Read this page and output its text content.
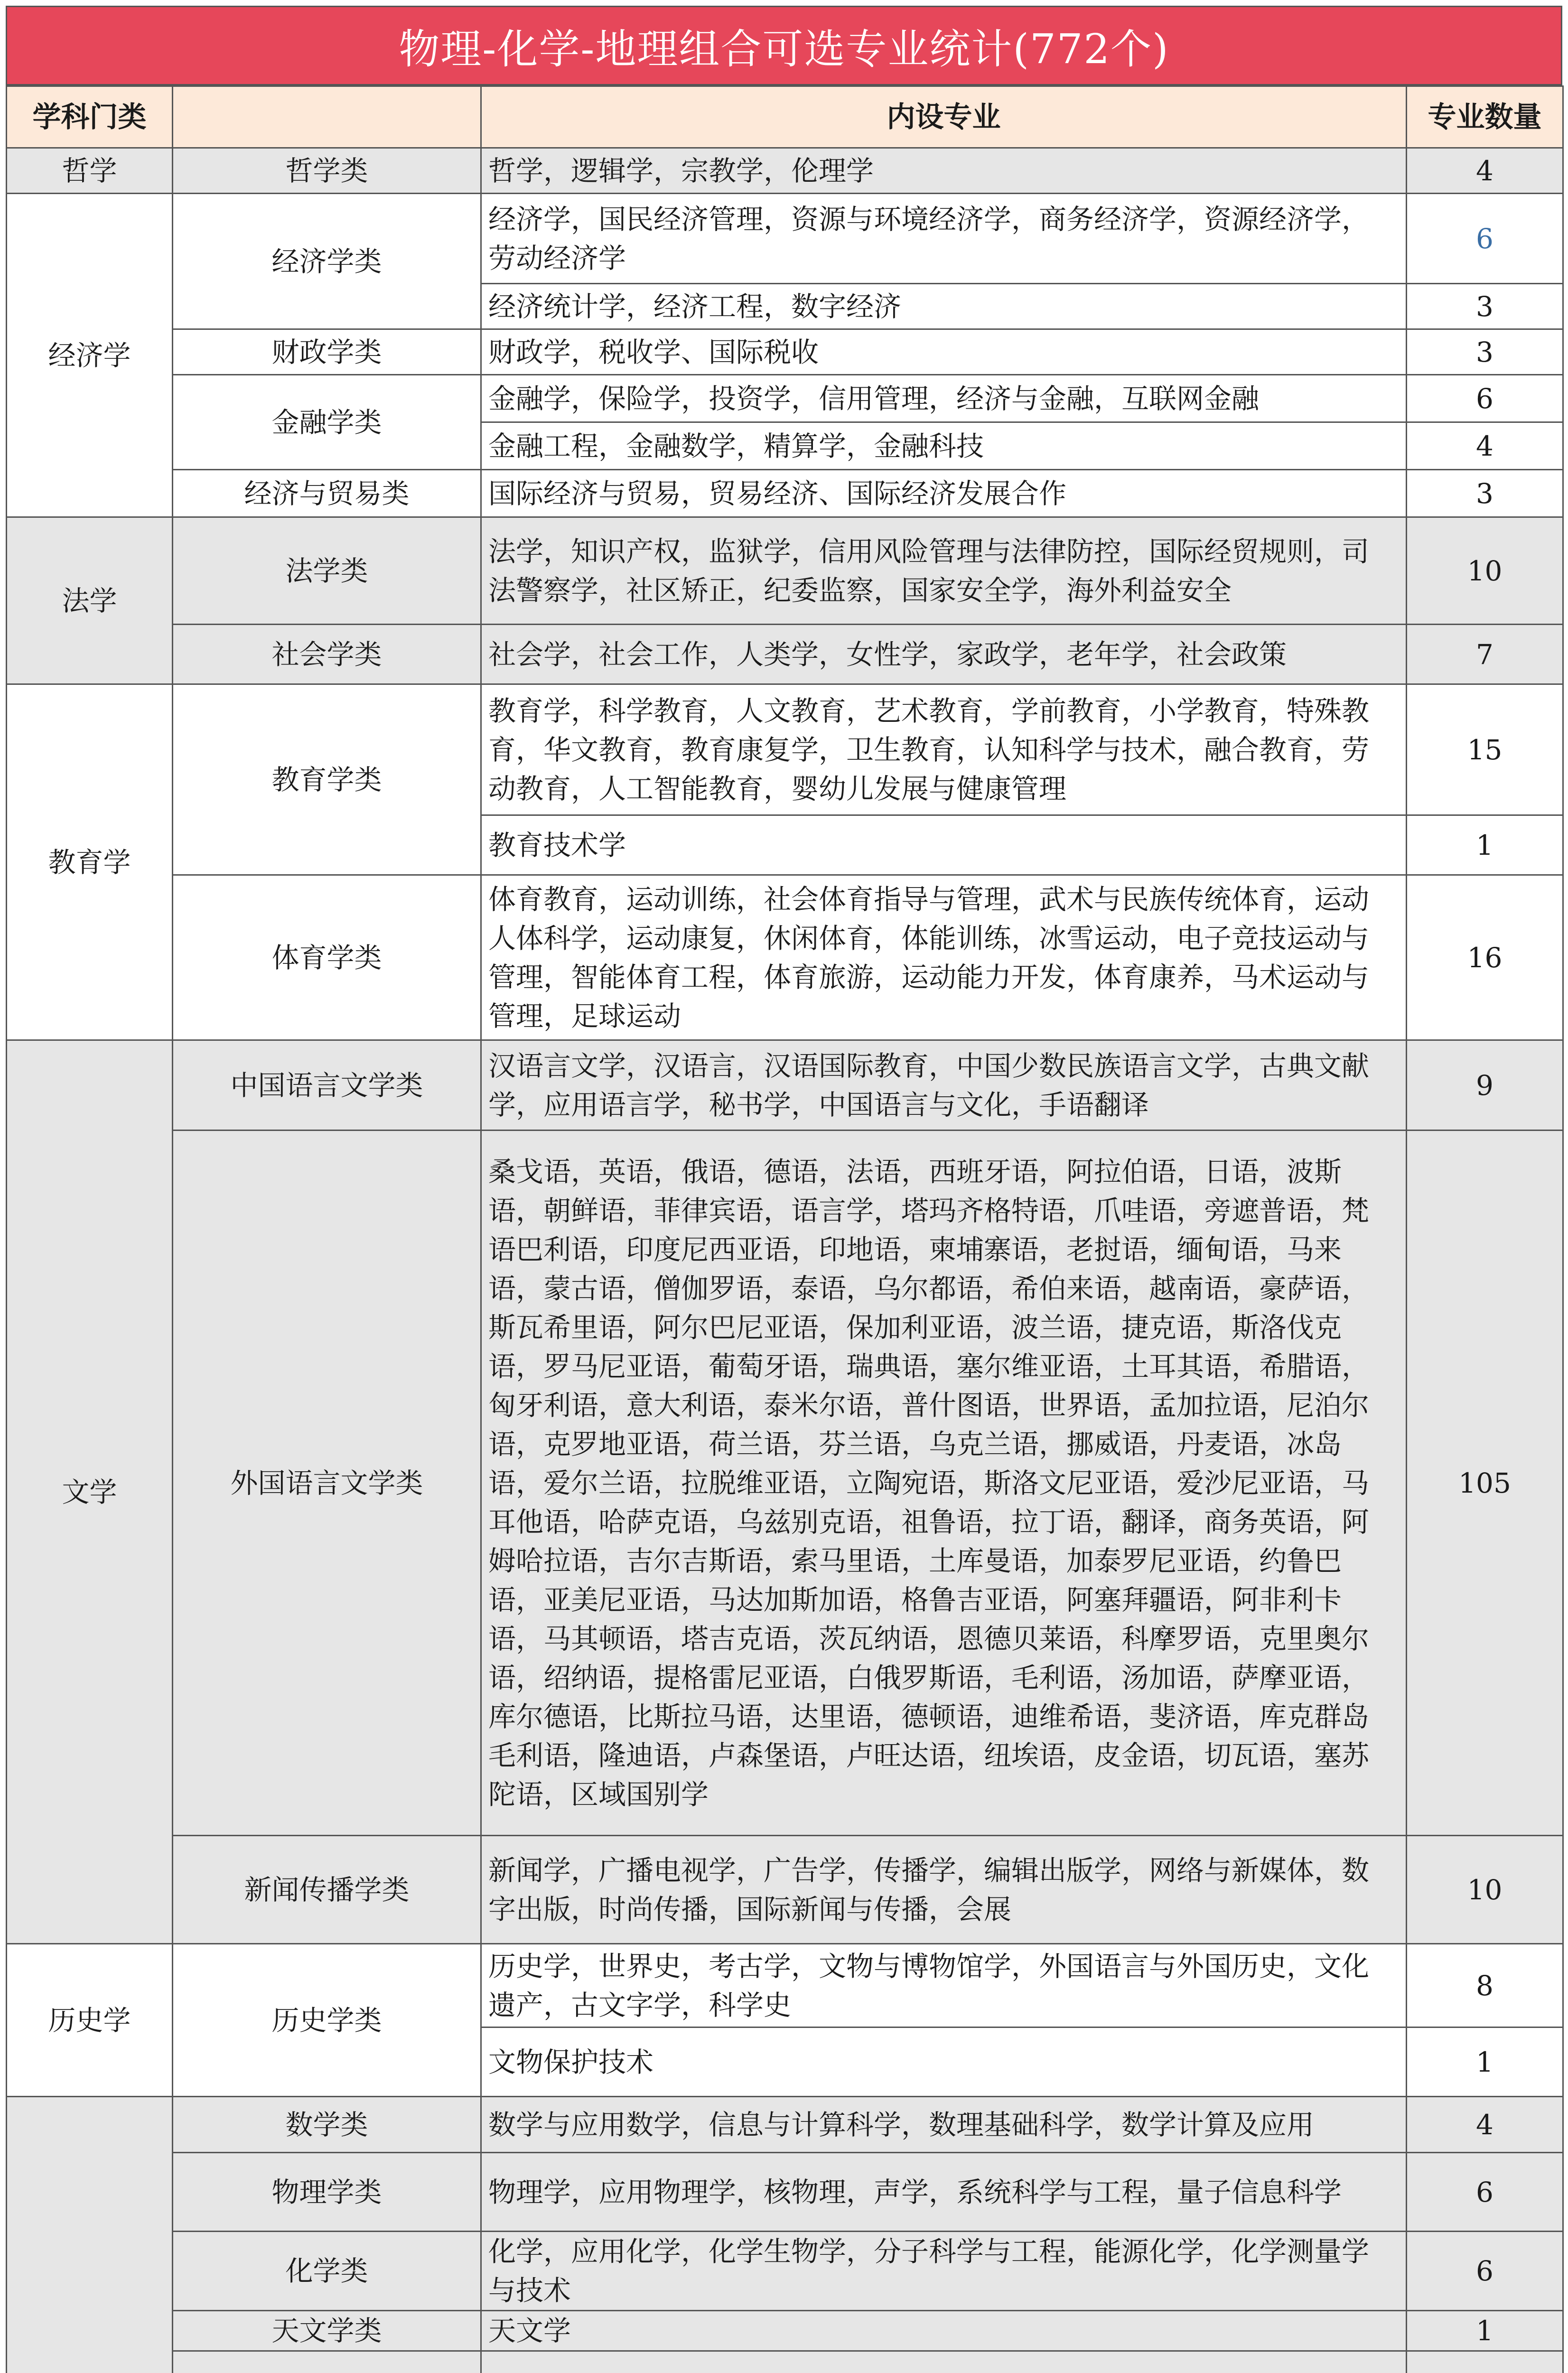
物理-化学-地理组合可选专业统计(772个)
学科门类		内设专业	专业数量
哲学	哲学类	哲学，逻辑学，宗教学，伦理学	4
经济学	经济学类	经济学，国民经济管理，资源与环境经济学，商务经济学，资源经济学，劳动经济学	6
		经济统计学，经济工程，数字经济	3
	财政学类	财政学，税收学、国际税收	3
	金融学类	金融学，保险学，投资学，信用管理，经济与金融，互联网金融	6
		金融工程，金融数学，精算学，金融科技	4
	经济与贸易类	国际经济与贸易，贸易经济、国际经济发展合作	3
法学	法学类	法学，知识产权，监狱学，信用风险管理与法律防控，国际经贸规则，司法警察学，社区矫正，纪委监察，国家安全学，海外利益安全	10
	社会学类	社会学，社会工作，人类学，女性学，家政学，老年学，社会政策	7
教育学	教育学类	教育学，科学教育，人文教育，艺术教育，学前教育，小学教育，特殊教育，华文教育，教育康复学，卫生教育，认知科学与技术，融合教育，劳动教育，人工智能教育，婴幼儿发展与健康管理	15
		教育技术学	1
	体育学类	体育教育，运动训练，社会体育指导与管理，武术与民族传统体育，运动人体科学，运动康复，休闲体育，体能训练，冰雪运动，电子竞技运动与管理，智能体育工程，体育旅游，运动能力开发，体育康养，马术运动与管理，足球运动	16
文学	中国语言文学类	汉语言文学，汉语言，汉语国际教育，中国少数民族语言文学，古典文献学，应用语言学，秘书学，中国语言与文化，手语翻译	9
	外国语言文学类	桑戈语，英语，俄语，德语，法语，西班牙语，阿拉伯语，日语，波斯语，朝鲜语，菲律宾语，语言学，塔玛齐格特语，爪哇语，旁遮普语，梵语巴利语，印度尼西亚语，印地语，柬埔寨语，老挝语，缅甸语，马来语，蒙古语，僧伽罗语，泰语，乌尔都语，希伯来语，越南语，豪萨语，斯瓦希里语，阿尔巴尼亚语，保加利亚语，波兰语，捷克语，斯洛伐克语，罗马尼亚语，葡萄牙语，瑞典语，塞尔维亚语，土耳其语，希腊语，匈牙利语，意大利语，泰米尔语，普什图语，世界语，孟加拉语，尼泊尔语，克罗地亚语，荷兰语，芬兰语，乌克兰语，挪威语，丹麦语，冰岛语，爱尔兰语，拉脱维亚语，立陶宛语，斯洛文尼亚语，爱沙尼亚语，马耳他语，哈萨克语，乌兹别克语，祖鲁语，拉丁语，翻译，商务英语，阿姆哈拉语，吉尔吉斯语，索马里语，土库曼语，加泰罗尼亚语，约鲁巴语，亚美尼亚语，马达加斯加语，格鲁吉亚语，阿塞拜疆语，阿非利卡语，马其顿语，塔吉克语，茨瓦纳语，恩德贝莱语，科摩罗语，克里奥尔语，绍纳语，提格雷尼亚语，白俄罗斯语，毛利语，汤加语，萨摩亚语，库尔德语，比斯拉马语，达里语，德顿语，迪维希语，斐济语，库克群岛毛利语，隆迪语，卢森堡语，卢旺达语，纽埃语，皮金语，切瓦语，塞苏陀语，区域国别学	105
	新闻传播学类	新闻学，广播电视学，广告学，传播学，编辑出版学，网络与新媒体，数字出版，时尚传播，国际新闻与传播，会展	10
历史学	历史学类	历史学，世界史，考古学，文物与博物馆学，外国语言与外国历史，文化遗产，古文字学，科学史	8
		文物保护技术	1
	数学类	数学与应用数学，信息与计算科学，数理基础科学，数学计算及应用	4
	物理学类	物理学，应用物理学，核物理，声学，系统科学与工程，量子信息科学	6
	化学类	化学，应用化学，化学生物学，分子科学与工程，能源化学，化学测量学与技术	6
	天文学类	天文学	1
